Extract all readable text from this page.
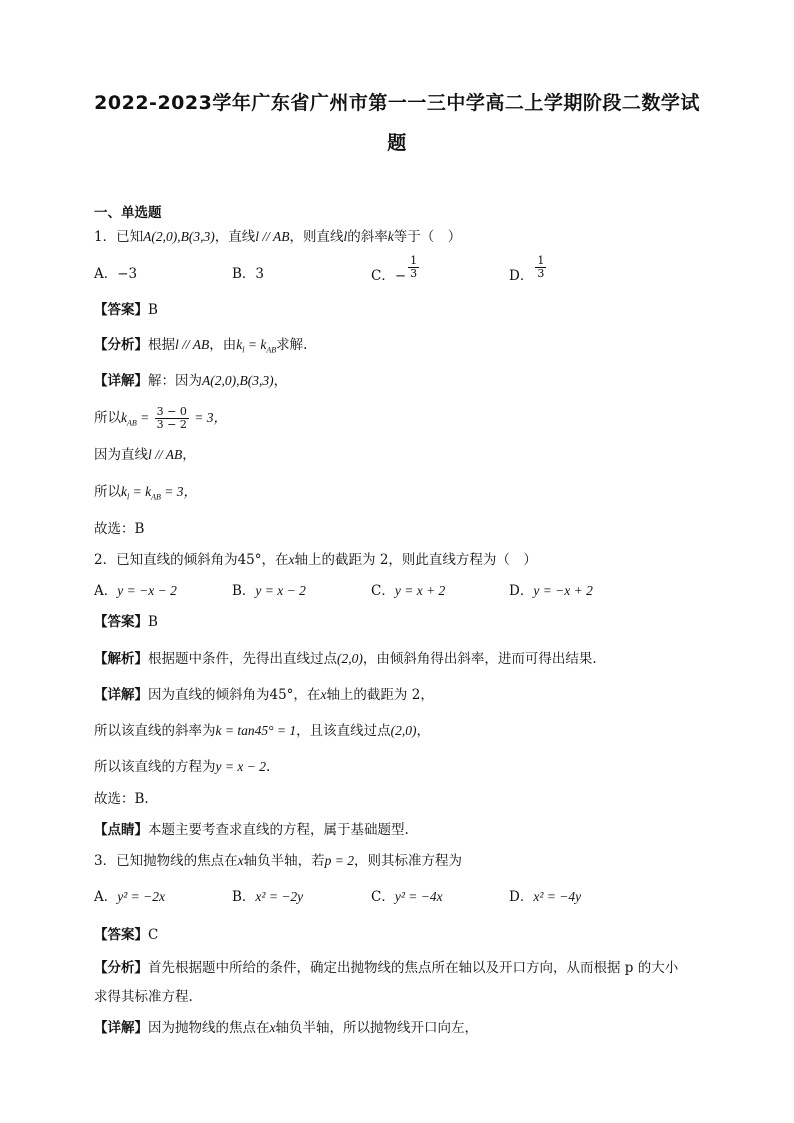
2022-2023学年广东省广州市第一一三中学高二上学期阶段二数学试
题
一、单选题
1．已知A(2,0),B(3,3)，直线l // AB，则直线l的斜率k等于（　）
A．−3	B．3	C．− $\frac{1}{3}$	D． $\frac{1}{3}$
【答案】B
【分析】根据l // AB，由$k_l = k_{AB}$求解.
【详解】解：因为A(2,0),B(3,3)，
所以$k_{AB} = \frac{3 - 0}{3 - 2} = 3$，
因为直线l // AB，
所以$k_l = k_{AB} = 3$，
故选：B
2．已知直线的倾斜角为45°，在x轴上的截距为 2，则此直线方程为（　）
A．y = −x − 2	B．y = x − 2	C．y = x + 2	D．y = −x + 2
【答案】B
【解析】根据题中条件，先得出直线过点(2,0)，由倾斜角得出斜率，进而可得出结果.
【详解】因为直线的倾斜角为45°，在x轴上的截距为 2，
所以该直线的斜率为k = tan45° = 1，且该直线过点(2,0)，
所以该直线的方程为y = x − 2.
故选：B.
【点睛】本题主要考查求直线的方程，属于基础题型.
3．已知抛物线的焦点在x轴负半轴，若p = 2，则其标准方程为
A．y² = −2x	B．x² = −2y	C．y² = −4x	D．x² = −4y
【答案】C
【分析】首先根据题中所给的条件，确定出抛物线的焦点所在轴以及开口方向，从而根据 p 的大小
求得其标准方程.
【详解】因为抛物线的焦点在x轴负半轴，所以抛物线开口向左，
